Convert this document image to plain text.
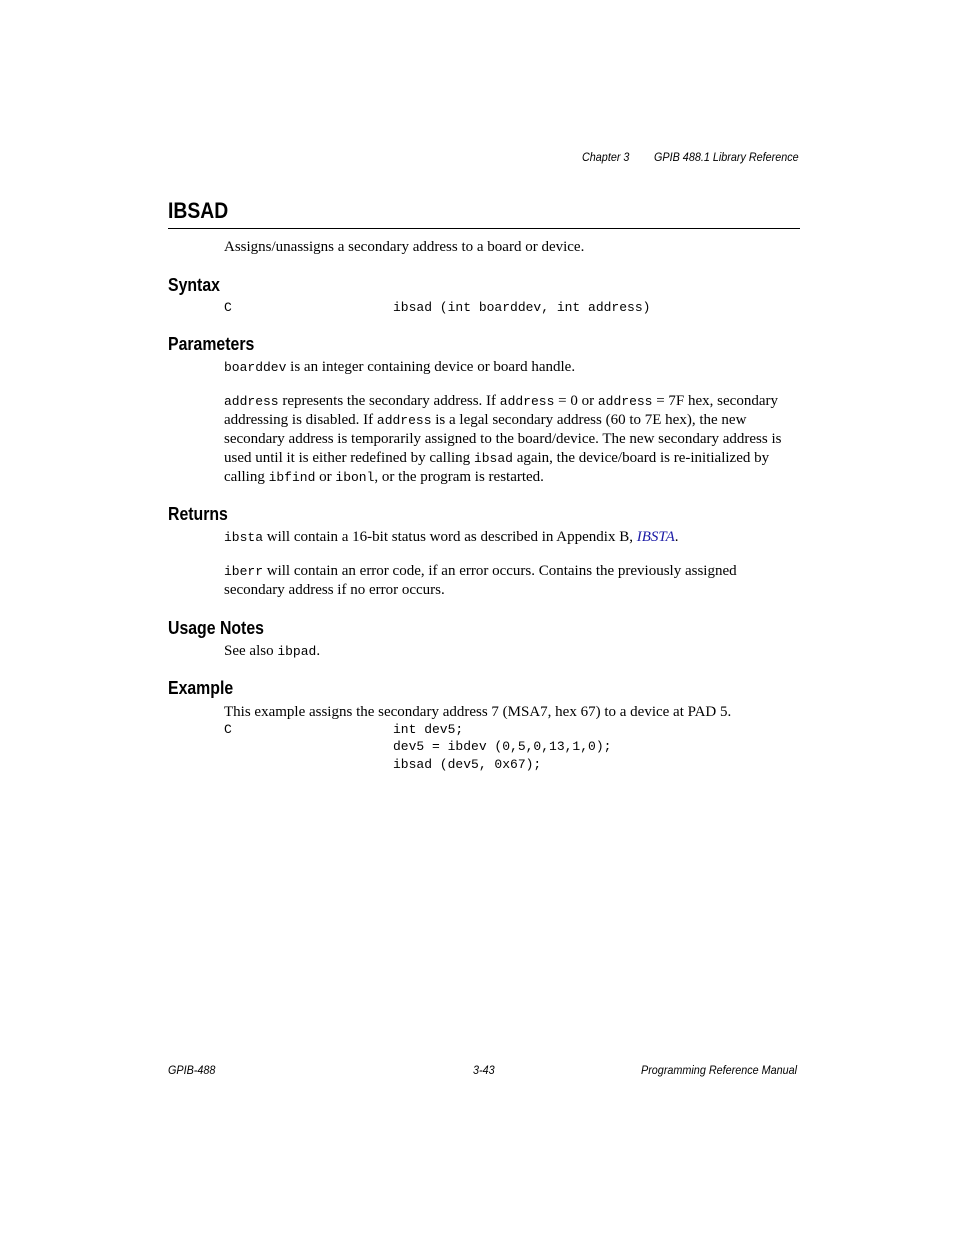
Chapter 3 GPIB 488.1 Library Reference
IBSAD
Assigns/unassigns a secondary address to a board or device.
Syntax
C	ibsad (int boarddev, int address)
Parameters
boarddev is an integer containing device or board handle.
address represents the secondary address. If address = 0 or address = 7F hex, secondary addressing is disabled. If address is a legal secondary address (60 to 7E hex), the new secondary address is temporarily assigned to the board/device. The new secondary address is used until it is either redefined by calling ibsad again, the device/board is re-initialized by calling ibfind or ibonl, or the program is restarted.
Returns
ibsta will contain a 16-bit status word as described in Appendix B, IBSTA.
iberr will contain an error code, if an error occurs. Contains the previously assigned secondary address if no error occurs.
Usage Notes
See also ibpad.
Example
This example assigns the secondary address 7 (MSA7, hex 67) to a device at PAD 5.
C	int dev5;
dev5 = ibdev (0,5,0,13,1,0);
ibsad (dev5, 0x67);
GPIB-488	3-43	Programming Reference Manual
